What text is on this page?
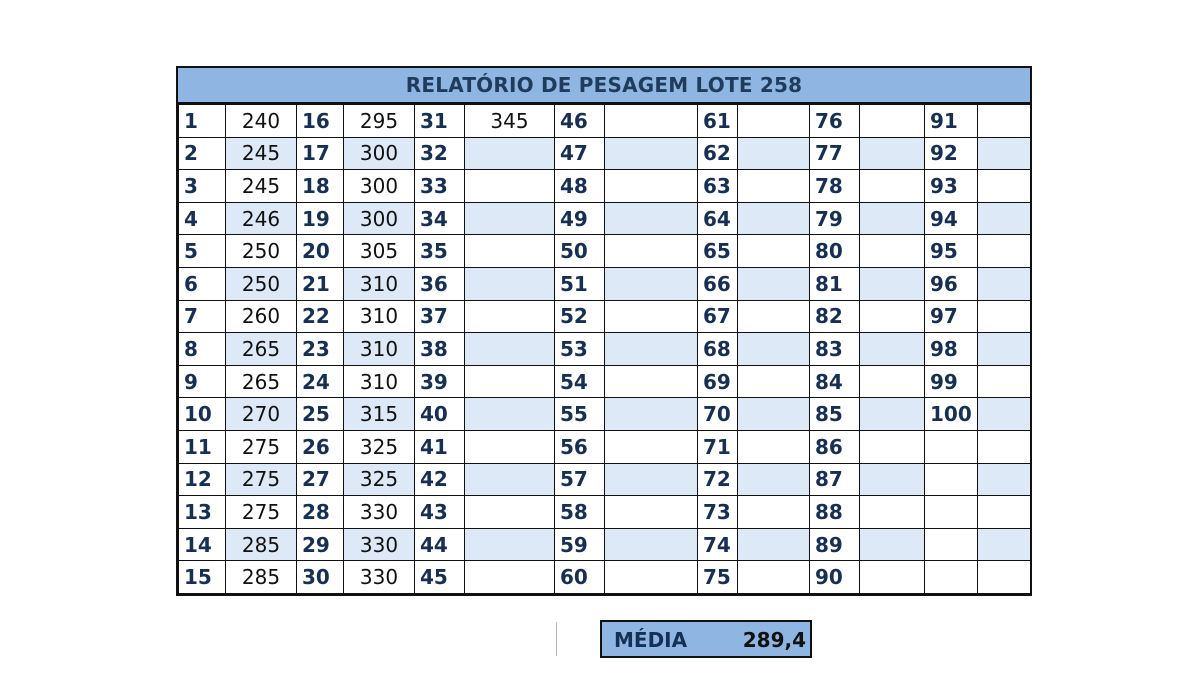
RELATÓRIO DE PESAGEM LOTE 258
1	240	16	295	31	345	46		61		76		91	
2	245	17	300	32		47		62		77		92	
3	245	18	300	33		48		63		78		93	
4	246	19	300	34		49		64		79		94	
5	250	20	305	35		50		65		80		95	
6	250	21	310	36		51		66		81		96	
7	260	22	310	37		52		67		82		97	
8	265	23	310	38		53		68		83		98	
9	265	24	310	39		54		69		84		99	
10	270	25	315	40		55		70		85		100	
11	275	26	325	41		56		71		86			
12	275	27	325	42		57		72		87			
13	275	28	330	43		58		73		88			
14	285	29	330	44		59		74		89			
15	285	30	330	45		60		75		90			
MÉDIA	289,4
